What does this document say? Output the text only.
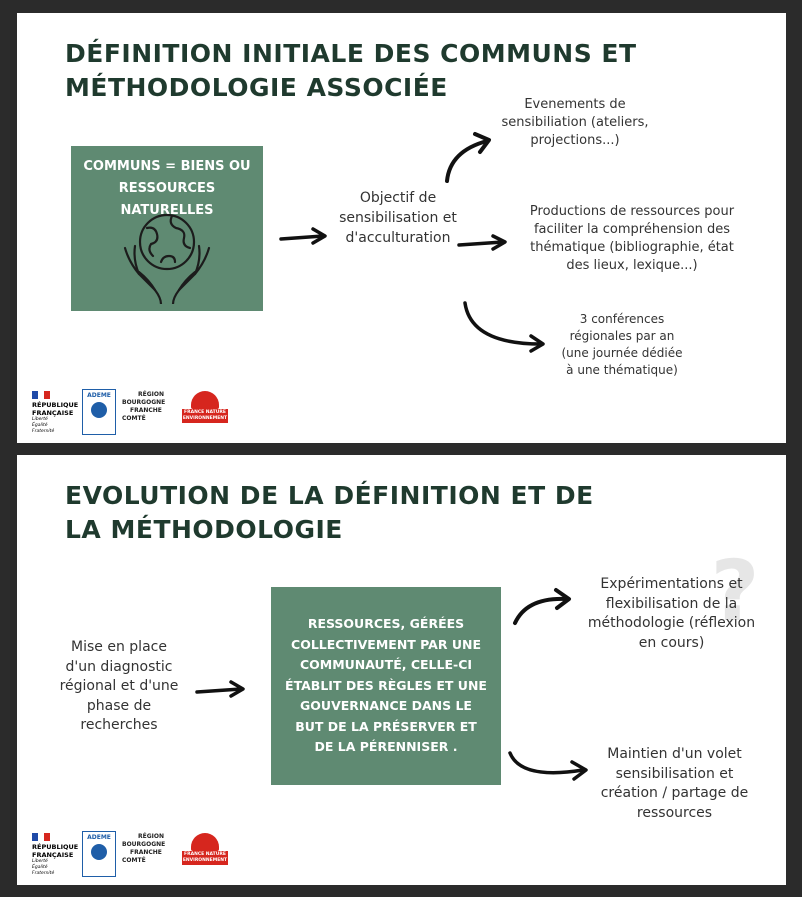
DÉFINITION INITIALE DES COMMUNS ET MÉTHODOLOGIE ASSOCIÉE
COMMUNS = BIENS OU RESSOURCES NATURELLES
Objectif de sensibilisation et d'acculturation
Evenements de sensibiliation (ateliers, projections...)
Productions de ressources pour faciliter la compréhension des thématique (bibliographie, état des lieux, lexique...)
3 conférences régionales par an (une journée dédiée à une thématique)
RÉPUBLIQUE
FRANÇAISE
Liberté Égalité Fraternité
ADEME	RÉGION
BOURGOGNE
FRANCHE
COMTÉ
FRANCE NATURE
ENVIRONNEMENT
EVOLUTION DE LA DÉFINITION ET DE LA MÉTHODOLOGIE
Mise en place d'un diagnostic régional et d'une phase de recherches
RESSOURCES, GÉRÉES COLLECTIVEMENT PAR UNE COMMUNAUTÉ, CELLE-CI ÉTABLIT DES RÈGLES ET UNE GOUVERNANCE DANS LE BUT DE LA PRÉSERVER ET DE LA PÉRENNISER .
?
Expérimentations et flexibilisation de la méthodologie (réflexion en cours)
Maintien d'un volet sensibilisation et création / partage de ressources
RÉPUBLIQUE
FRANÇAISE
Liberté Égalité Fraternité
ADEME	RÉGION
BOURGOGNE
FRANCHE
COMTÉ
FRANCE NATURE
ENVIRONNEMENT
